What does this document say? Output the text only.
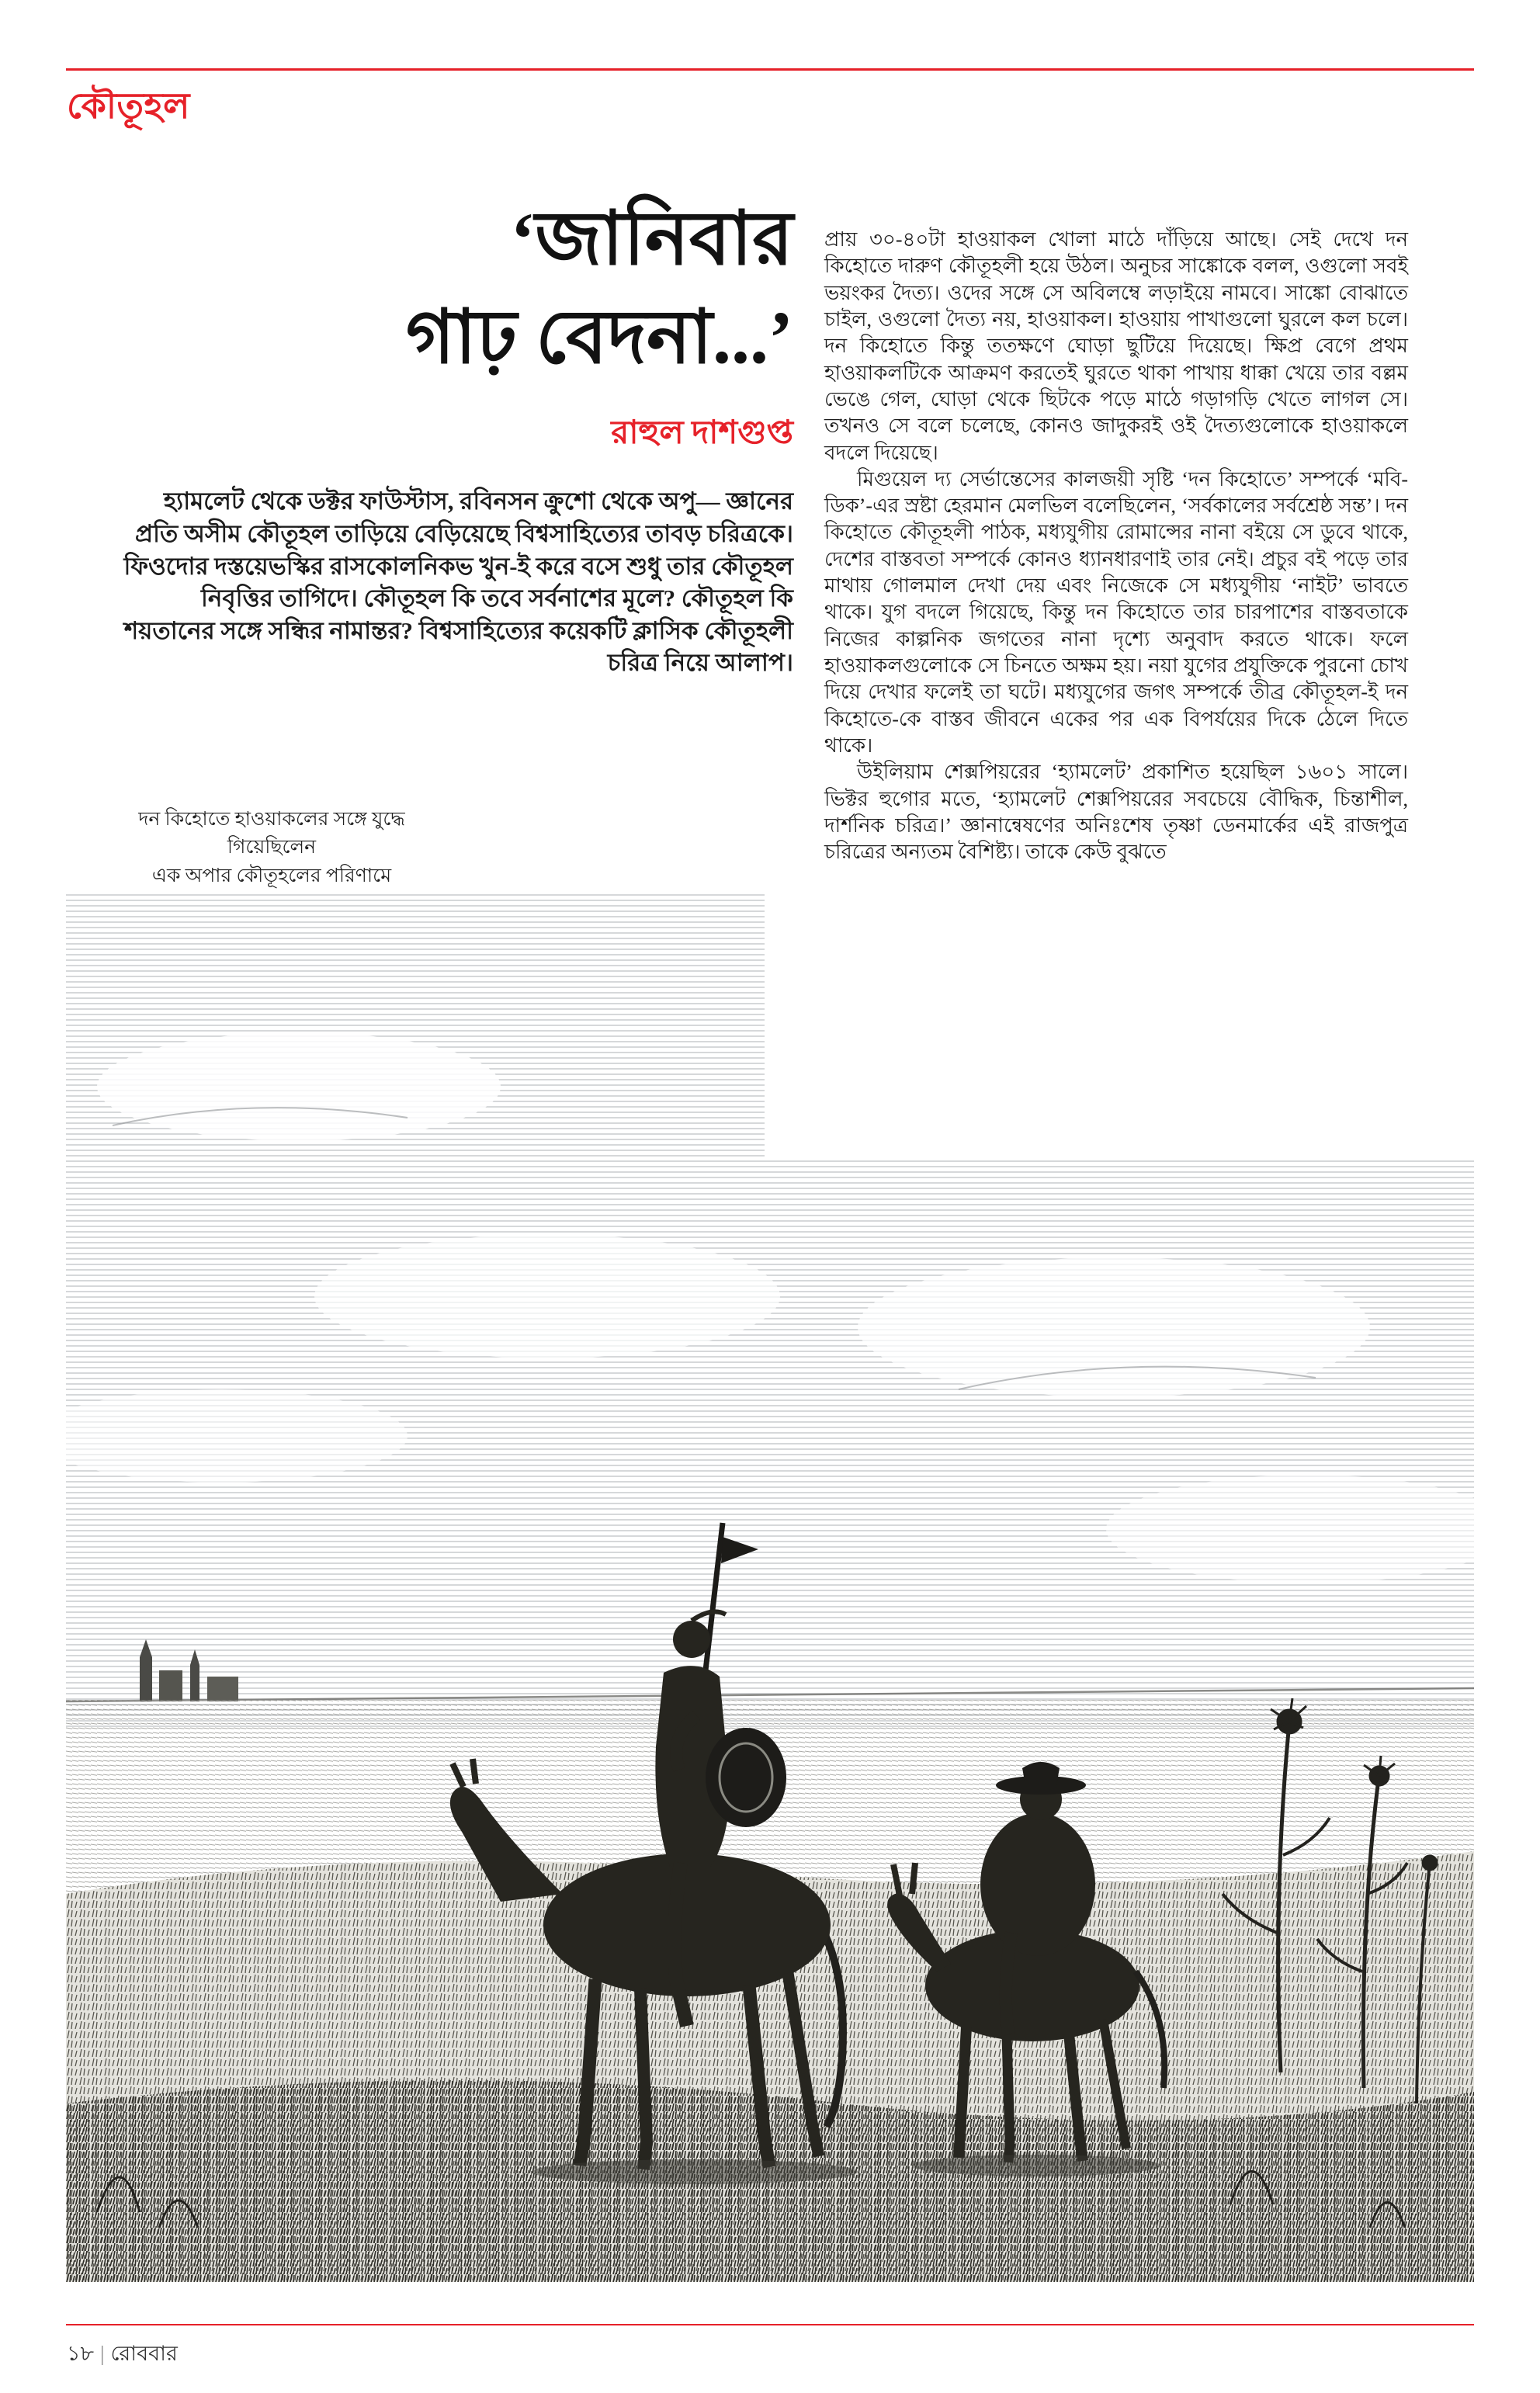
কৌতূহল
‘জানিবার
গাঢ় বেদনা...’
রাহুল দাশগুপ্ত
হ্যামলেট থেকে ডক্টর ফাউস্টাস, রবিনসন ক্রুশো থেকে অপু— জ্ঞানের প্রতি অসীম কৌতূহল তাড়িয়ে বেড়িয়েছে বিশ্বসাহিত্যের তাবড় চরিত্রকে। ফিওদোর দস্তয়েভস্কির রাসকোলনিকভ খুন-ই করে বসে শুধু তার কৌতূহল নিবৃত্তির তাগিদে। কৌতূহল কি তবে সর্বনাশের মূলে? কৌতূহল কি শয়তানের সঙ্গে সন্ধির নামান্তর? বিশ্বসাহিত্যের কয়েকটি ক্লাসিক কৌতূহলী চরিত্র নিয়ে আলাপ।
দন কিহোতে হাওয়াকলের সঙ্গে যুদ্ধে গিয়েছিলেন
এক অপার কৌতূহলের পরিণামে

প্রায় ৩০-৪০টা হাওয়াকল খোলা মাঠে দাঁড়িয়ে আছে। সেই দেখে দন কিহোতে দারুণ কৌতূহলী হয়ে উঠল। অনুচর সাঙ্কোকে বলল, ওগুলো সবই ভয়ংকর দৈত্য। ওদের সঙ্গে সে অবিলম্বে লড়াইয়ে নামবে। সাঙ্কো বোঝাতে চাইল, ওগুলো দৈত্য নয়, হাওয়াকল। হাওয়ায় পাখাগুলো ঘুরলে কল চলে। দন কিহোতে কিন্তু ততক্ষণে ঘোড়া ছুটিয়ে দিয়েছে। ক্ষিপ্র বেগে প্রথম হাওয়াকলটিকে আক্রমণ করতেই ঘুরতে থাকা পাখায় ধাক্কা খেয়ে তার বল্লম ভেঙে গেল, ঘোড়া থেকে ছিটকে পড়ে মাঠে গড়াগড়ি খেতে লাগল সে। তখনও সে বলে চলেছে, কোনও জাদুকরই ওই দৈত্যগুলোকে হাওয়াকলে বদলে দিয়েছে।

মিগুয়েল দ্য সের্ভান্তেসের কালজয়ী সৃষ্টি ‘দন কিহোতে’ সম্পর্কে ‘মবি-ডিক’-এর স্রষ্টা হেরমান মেলভিল বলেছিলেন, ‘সর্বকালের সর্বশ্রেষ্ঠ সন্ত’। দন কিহোতে কৌতূহলী পাঠক, মধ্যযুগীয় রোমান্সের নানা বইয়ে সে ডুবে থাকে, দেশের বাস্তবতা সম্পর্কে কোনও ধ্যানধারণাই তার নেই। প্রচুর বই পড়ে তার মাথায় গোলমাল দেখা দেয় এবং নিজেকে সে মধ্যযুগীয় ‘নাইট’ ভাবতে থাকে। যুগ বদলে গিয়েছে, কিন্তু দন কিহোতে তার চারপাশের বাস্তবতাকে নিজের কাল্পনিক জগতের নানা দৃশ্যে অনুবাদ করতে থাকে। ফলে হাওয়াকলগুলোকে সে চিনতে অক্ষম হয়। নয়া যুগের প্রযুক্তিকে পুরনো চোখ দিয়ে দেখার ফলেই তা ঘটে। মধ্যযুগের জগৎ সম্পর্কে তীব্র কৌতূহল-ই দন কিহোতে-কে বাস্তব জীবনে একের পর এক বিপর্যয়ের দিকে ঠেলে দিতে থাকে।

উইলিয়াম শেক্সপিয়রের ‘হ্যামলেট’ প্রকাশিত হয়েছিল ১৬০১ সালে। ভিক্টর হুগোর মতে, ‘হ্যামলেট শেক্সপিয়রের সবচেয়ে বৌদ্ধিক, চিন্তাশীল, দার্শনিক চরিত্র।’ জ্ঞানান্বেষণের অনিঃশেষ তৃষ্ণা ডেনমার্কের এই রাজপুত্র চরিত্রের অন্যতম বৈশিষ্ট্য। তাকে কেউ বুঝতে

১৮ | রোববার
